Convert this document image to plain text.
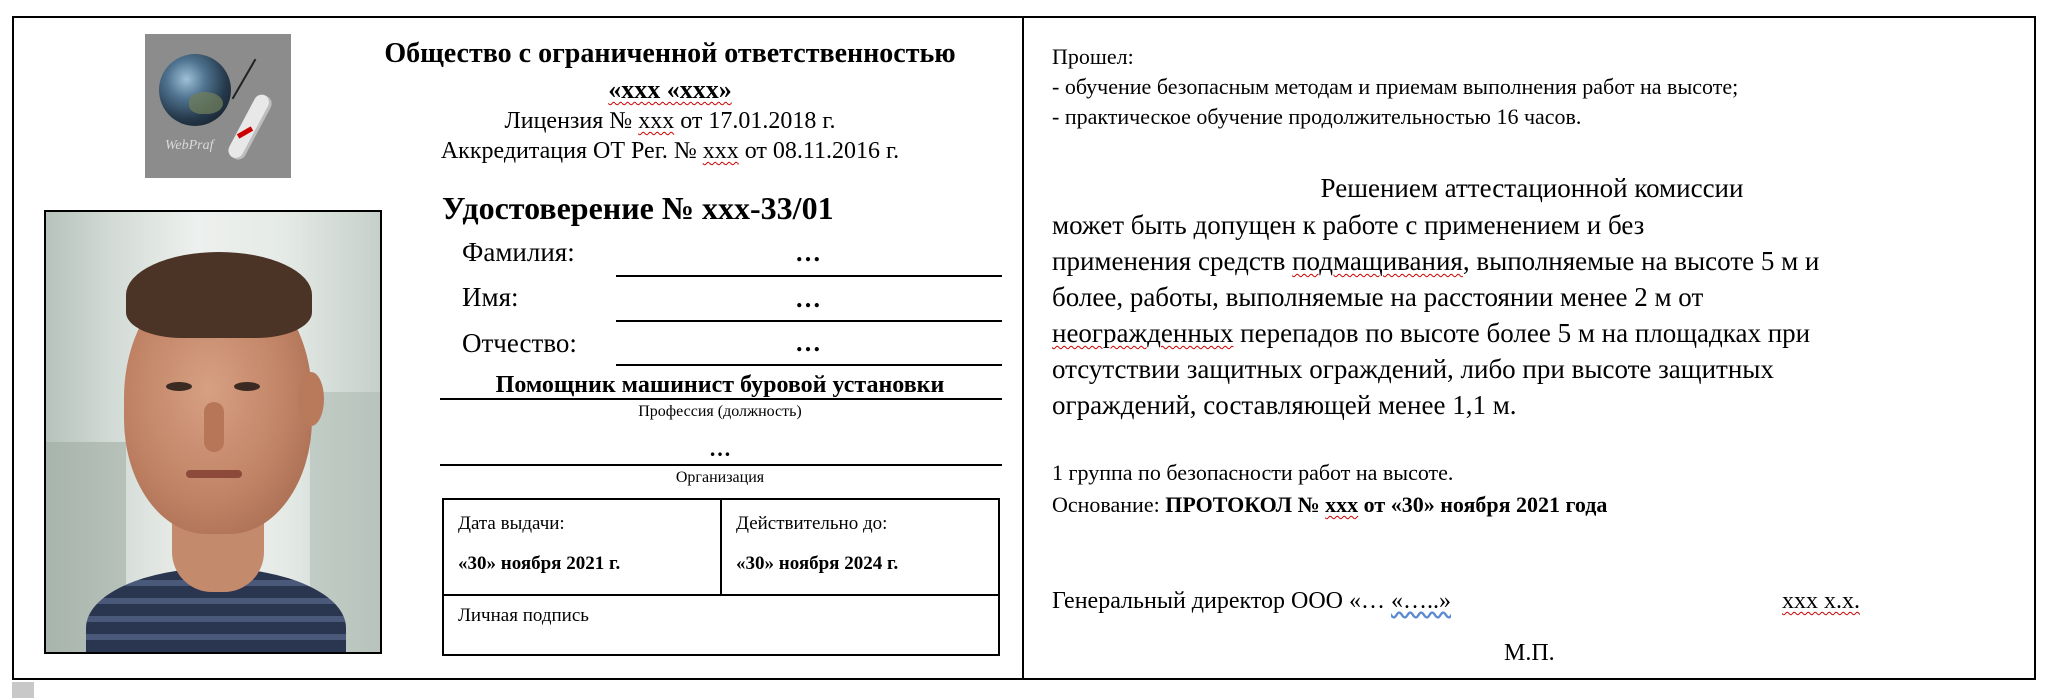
WebPraf
Общество с ограниченной ответственностью
«xxx «xxx»
Лицензия № xxx от 17.01.2018 г.
Аккредитация ОТ Рег. № xxx от 08.11.2016 г.
Удостоверение № xxx-33/01
Фамилия:	…
Имя:	…
Отчество:	…
Помощник машинист буровой установки
Профессия (должность)
…
Организация
Дата выдачи:
«30» ноября 2021 г.
Действительно до:
«30» ноября 2024 г.
Личная подпись
Прошел:
- обучение безопасным методам и приемам выполнения работ на высоте;
- практическое обучение продолжительностью 16 часов.
Решением аттестационной комиссии
может быть допущен к работе с применением и без
применения средств подмащивания, выполняемые на высоте 5 м и
более, работы, выполняемые на расстоянии менее 2 м от
неогражденных перепадов по высоте более 5 м на площадках при
отсутствии защитных ограждений, либо при высоте защитных
ограждений, составляющей менее 1,1 м.
1 группа по безопасности работ на высоте.
Основание: ПРОТОКОЛ № xxx от «30» ноября 2021 года
Генеральный директор ООО «… «…..»	xxx x.x.
М.П.
